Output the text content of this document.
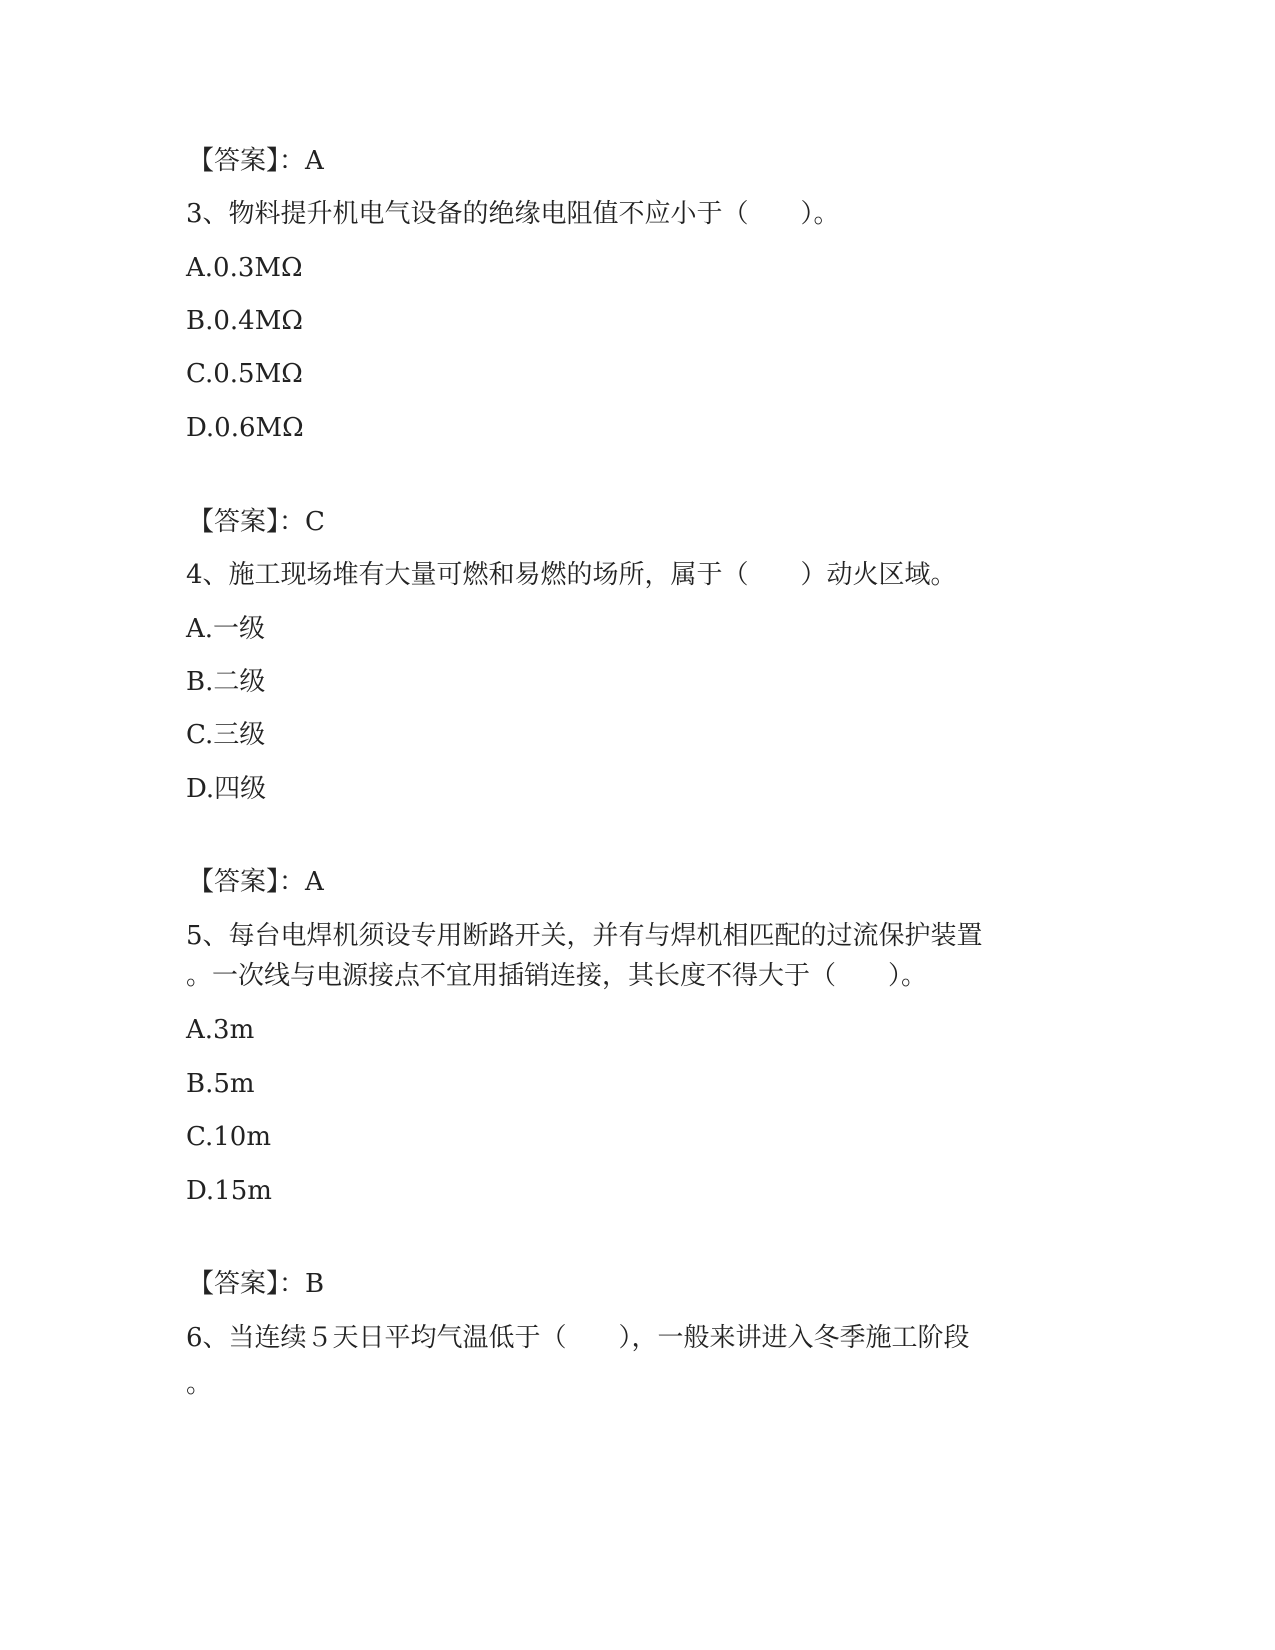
【答案】：A
3、物料提升机电气设备的绝缘电阻值不应小于（　　）。
A.0.3MΩ
B.0.4MΩ
C.0.5MΩ
D.0.6MΩ
【答案】：C
4、施工现场堆有大量可燃和易燃的场所，属于（　　）动火区域。
A.一级
B.二级
C.三级
D.四级
【答案】：A
5、每台电焊机须设专用断路开关，并有与焊机相匹配的过流保护装置
。一次线与电源接点不宜用插销连接，其长度不得大于（　　）。
A.3m
B.5m
C.10m
D.15m
【答案】：B
6、当连续５天日平均气温低于（　　），一般来讲进入冬季施工阶段
。
